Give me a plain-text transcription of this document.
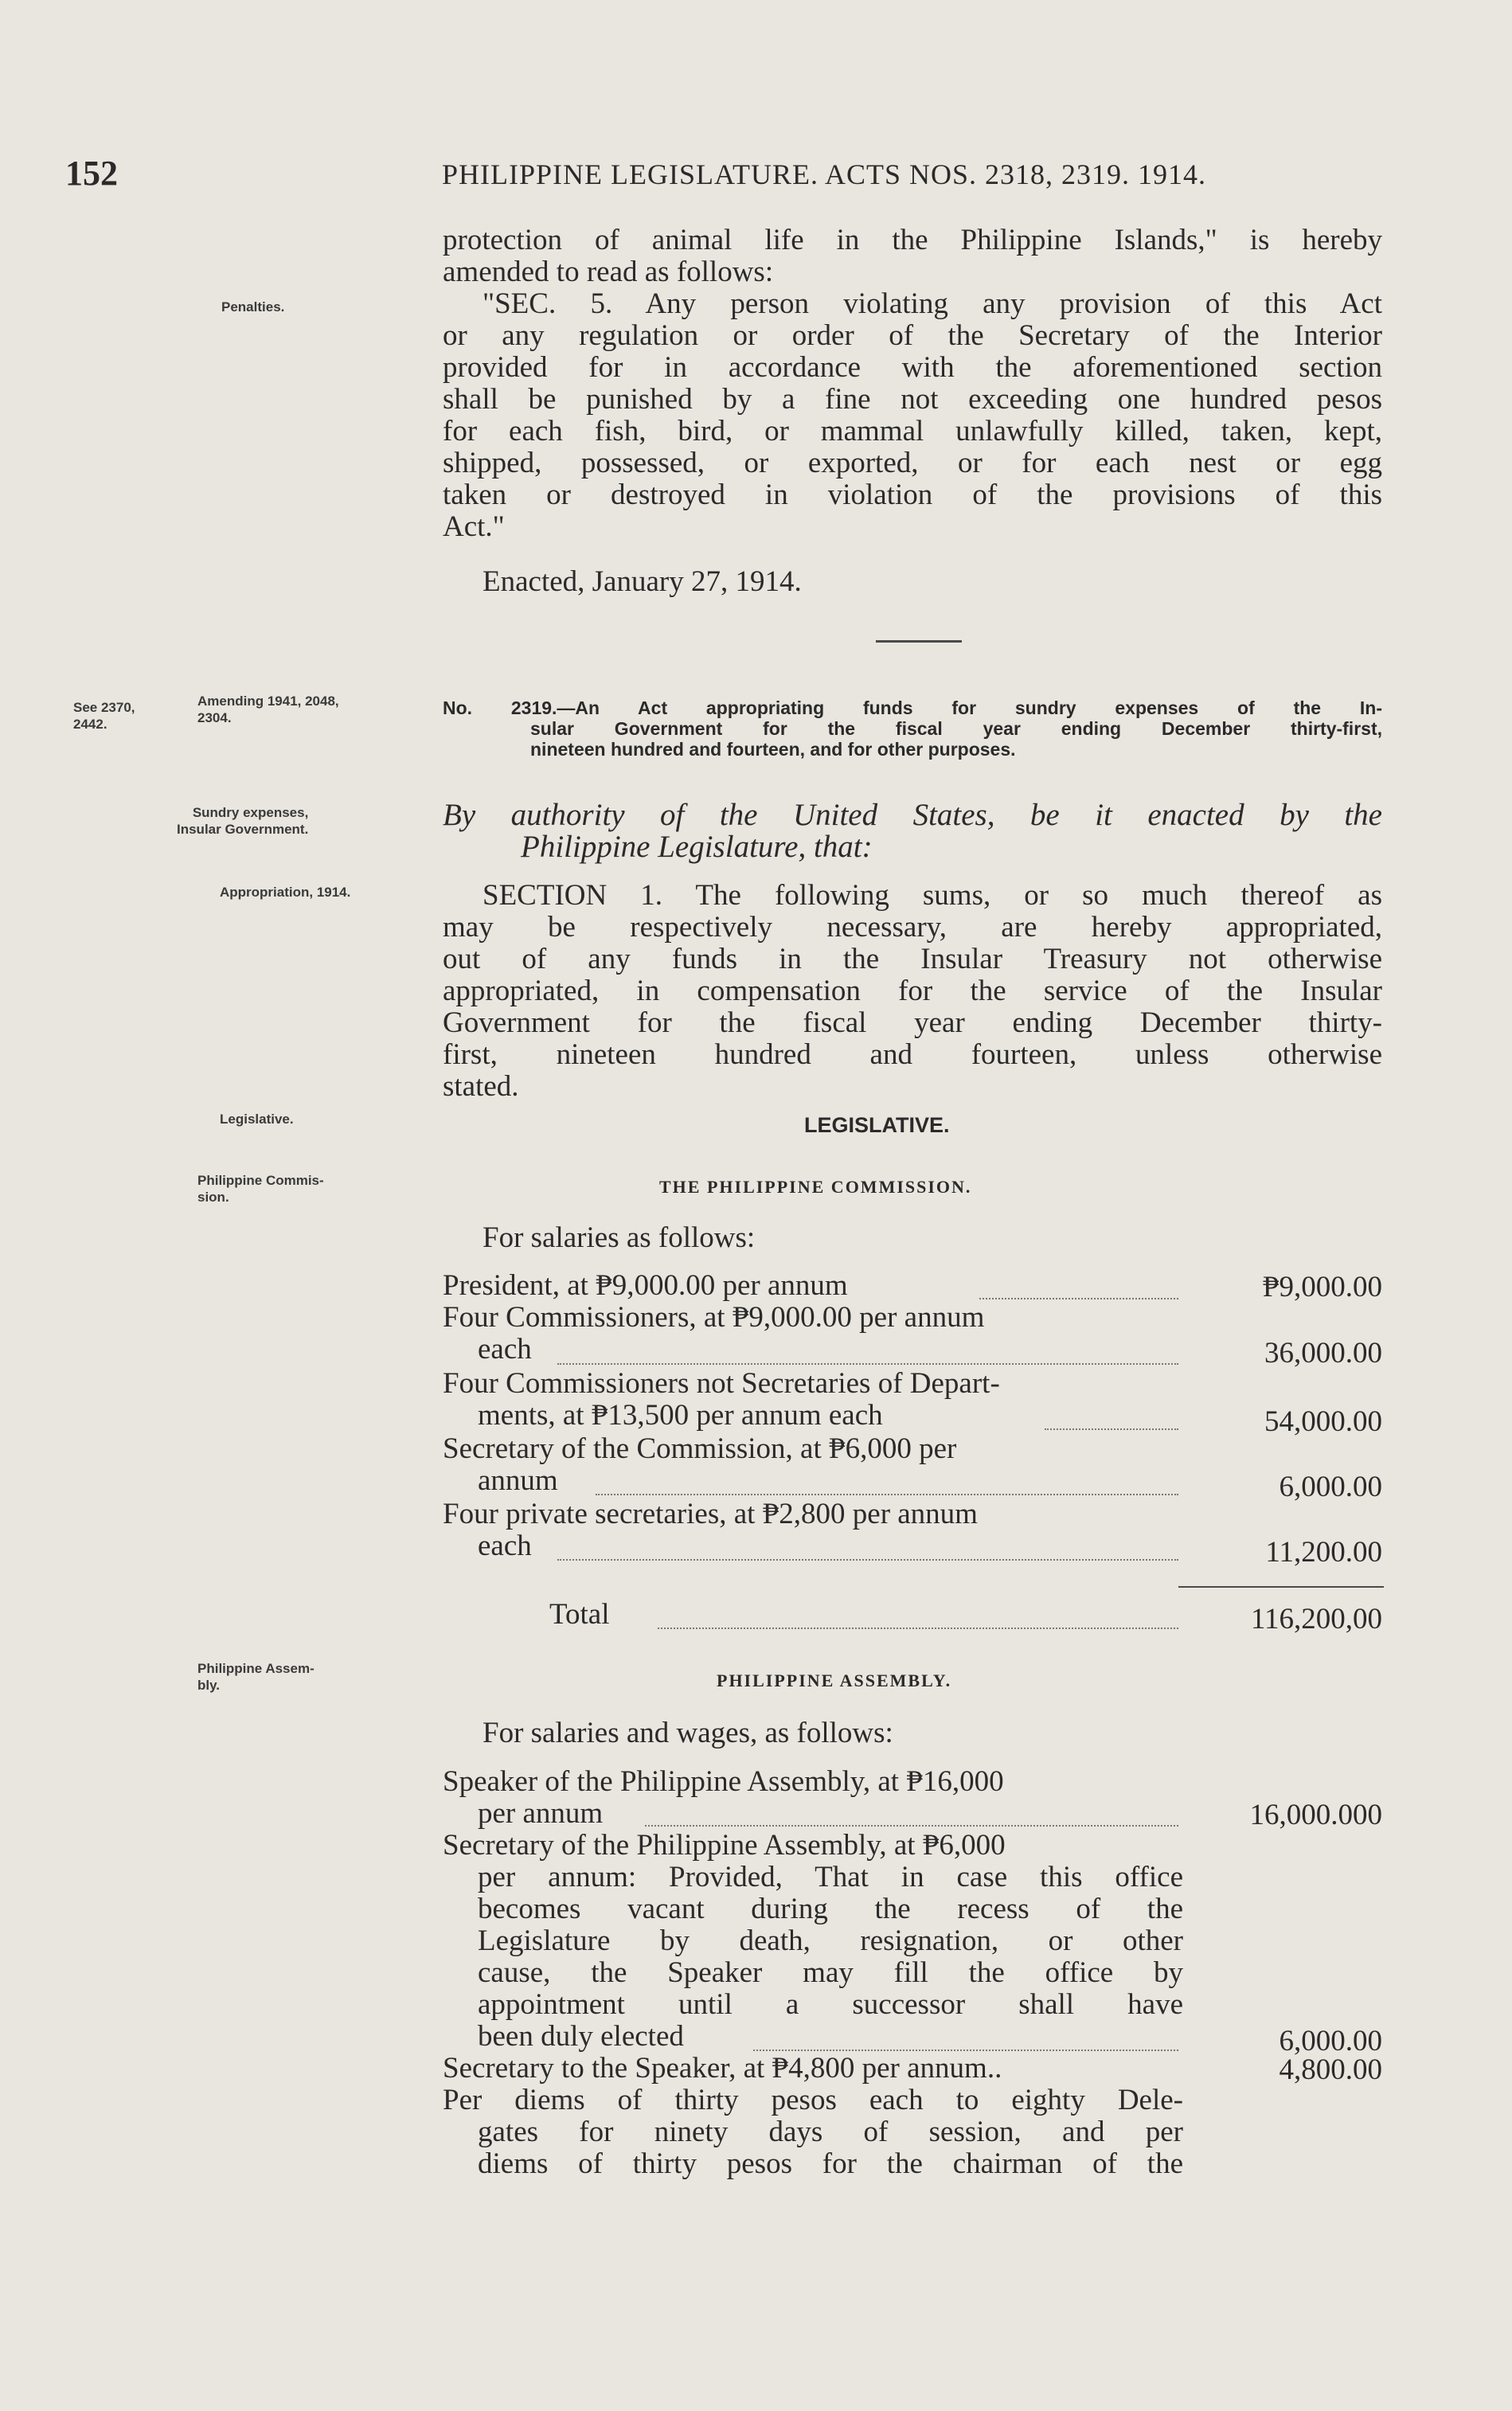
152	PHILIPPINE LEGISLATURE. ACTS NOS. 2318, 2319. 1914.
Penalties.
See 2370,
2442.
Amending 1941, 2048,
2304.
Sundry expenses,
Insular Government.
Appropriation, 1914.
Legislative.
Philippine Commis-
sion.
Philippine Assem-
bly.
protection of animal life in the Philippine Islands," is hereby
amended to read as follows:
"SEC. 5. Any person violating any provision of this Act
or any regulation or order of the Secretary of the Interior
provided for in accordance with the aforementioned section
shall be punished by a fine not exceeding one hundred pesos
for each fish, bird, or mammal unlawfully killed, taken, kept,
shipped, possessed, or exported, or for each nest or egg
taken or destroyed in violation of the provisions of this
Act."
Enacted, January 27, 1914.
No. 2319.—An Act appropriating funds for sundry expenses of the In-
sular Government for the fiscal year ending December thirty-first,
nineteen hundred and fourteen, and for other purposes.
By authority of the United States, be it enacted by the
Philippine Legislature, that:
SECTION 1. The following sums, or so much thereof as
may be respectively necessary, are hereby appropriated,
out of any funds in the Insular Treasury not otherwise
appropriated, in compensation for the service of the Insular
Government for the fiscal year ending December thirty-
first, nineteen hundred and fourteen, unless otherwise
stated.
LEGISLATIVE.
THE PHILIPPINE COMMISSION.
For salaries as follows:
President, at ₱9,000.00 per annum	₱9,000.00
Four Commissioners, at ₱9,000.00 per annum
each	36,000.00
Four Commissioners not Secretaries of Depart-
ments, at ₱13,500 per annum each	54,000.00
Secretary of the Commission, at ₱6,000 per
annum	6,000.00
Four private secretaries, at ₱2,800 per annum
each	11,200.00
Total	116,200,00
PHILIPPINE ASSEMBLY.
For salaries and wages, as follows:
Speaker of the Philippine Assembly, at ₱16,000
per annum	16,000.000
Secretary of the Philippine Assembly, at ₱6,000
per annum: Provided, That in case this office
becomes vacant during the recess of the
Legislature by death, resignation, or other
cause, the Speaker may fill the office by
appointment until a successor shall have
been duly elected	6,000.00
Secretary to the Speaker, at ₱4,800 per annum..	4,800.00
Per diems of thirty pesos each to eighty Dele-
gates for ninety days of session, and per
diems of thirty pesos for the chairman of the
